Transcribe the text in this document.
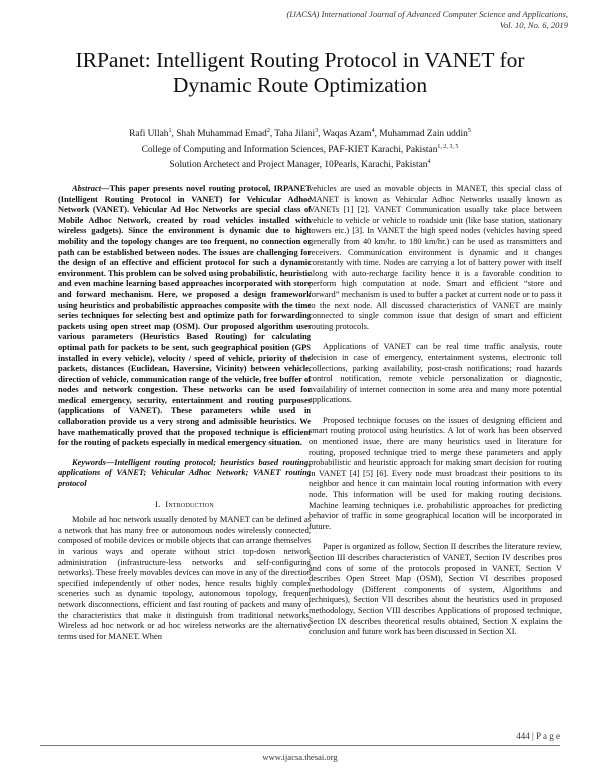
(IJACSA) International Journal of Advanced Computer Science and Applications,
Vol. 10, No. 6, 2019
IRPanet: Intelligent Routing Protocol in VANET for
Dynamic Route Optimization
Rafi Ullah$^1$, Shah Muhammad Emad$^2$, Taha Jilani$^3$, Waqas Azam$^4$, Muhammad Zain uddin$^5$
College of Computing and Information Sciences, PAF-KIET Karachi, Pakistan$^{1, 2, 3, 5}$
Solution Archetect and Project Manager, 10Pearls, Karachi, Pakistan$^4$

Abstract—This paper presents novel routing protocol, IRPANET (Intelligent Routing Protocol in VANET) for Vehicular Adhoc Network (VANET). Vehicular Ad Hoc Networks are special class of Mobile Adhoc Network, created by road vehicles installed with wireless gadgets). Since the environment is dynamic due to high mobility and the topology changes are too frequent, no connection or path can be established between nodes. The issues are challenging for the design of an effective and efficient protocol for such a dynamic environment. This problem can be solved using probabilistic, heuristic and even machine learning based approaches incorporated with store and forward mechanism. Here, we proposed a design framework using heuristics and probabilistic approaches composite with the time series techniques for selecting best and optimize path for forwarding packets using open street map (OSM). Our proposed algorithm uses various parameters (Heuristics Based Routing) for calculating optimal path for packets to be sent, such geographical position (GPS installed in every vehicle), velocity / speed of vehicle, priority of the packets, distances (Euclidean, Haversine, Vicinity) between vehicle, direction of vehicle, communication range of the vehicle, free buffer of nodes and network congestion. These networks can be used for medical emergency, security, entertainment and routing purposes (applications of VANET). These parameters while used in collaboration provide us a very strong and admissible heuristics. We have mathematically proved that the proposed technique is efficient for the routing of packets especially in medical emergency situation.

Keywords—Intelligent routing protocol; heuristics based routing; applications of VANET; Vehicular Adhoc Network; VANET routing protocol

I. Introduction

Mobile ad hoc network usually denoted by MANET can be defined as a network that has many free or autonomous nodes wirelessly connected, composed of mobile devices or mobile objects that can arrange themselves in various ways and operate without strict top-down network administration (infrastructure-less networks and self-configuring networks). These freely movables devices can move in any of the direction specified independently of other nodes, hence results highly complex sceneries such as dynamic topology, autonomous topology, frequent network disconnections, efficient and fast routing of packets and many of the characteristics that make it distinguish from traditional networks. Wireless ad hoc network or ad hoc wireless networks are the alternative terms used for MANET. When

vehicles are used as movable objects in MANET, this special class of MANET is known as Vehicular Adhoc Networks usually known as VANETs [1] [2]. VANET Communication usually take place between vehicle to vehicle or vehicle to roadside unit (like base station, stationary towers etc.) [3]. In VANET the high speed nodes (vehicles having speed generally from 40 km/hr. to 180 km/hr.) can be used as transmitters and receivers. Communication environment is dynamic and it changes constantly with time. Nodes are carrying a lot of battery power with itself along with auto-recharge facility hence it is a favorable condition to perform high computation at node. Smart and efficient “store and forward” mechanism is used to buffer a packet at current node or to pass it to the next node. All discussed characteristics of VANET are mainly connected to single common issue that design of smart and efficient routing protocols.

Applications of VANET can be real time traffic analysis, route decision in case of emergency, entertainment systems, electronic toll collections, parking availability, post-crash notifications; road hazards control notification, remote vehicle personalization or diagnostic, availability of internet connection in some area and many more potential applications.

Proposed technique focuses on the issues of designing efficient and smart routing protocol using heuristics. A lot of work has been observed on mentioned issue, there are many heuristics used in literature for routing, proposed technique tried to merge these parameters and apply probabilistic and heuristic approach for making smart decision for routing in VANET [4] [5] [6]. Every node must broadcast their positions to its neighbor and hence it can maintain local routing information with every node. This information will be used for making routing decisions. Machine learning techniques i.e. probabilistic approaches for predicting behavior of traffic in some geographical location will be incorporated in future.

Paper is organized as follow, Section II describes the literature review, Section III describes characteristics of VANET, Section IV describes pros and cons of some of the protocols proposed in VANET, Section V describes Open Street Map (OSM), Section VI describes proposed methodology (Different components of system, Algorithms and techniques), Section VII describes about the heuristics used in proposed methodology, Section VIII describes Applications of proposed technique, Section IX describes theoretical results obtained, Section X explains the conclusion and future work has been discussed in Section XI.

444 | P a g e
www.ijacsa.thesai.org
